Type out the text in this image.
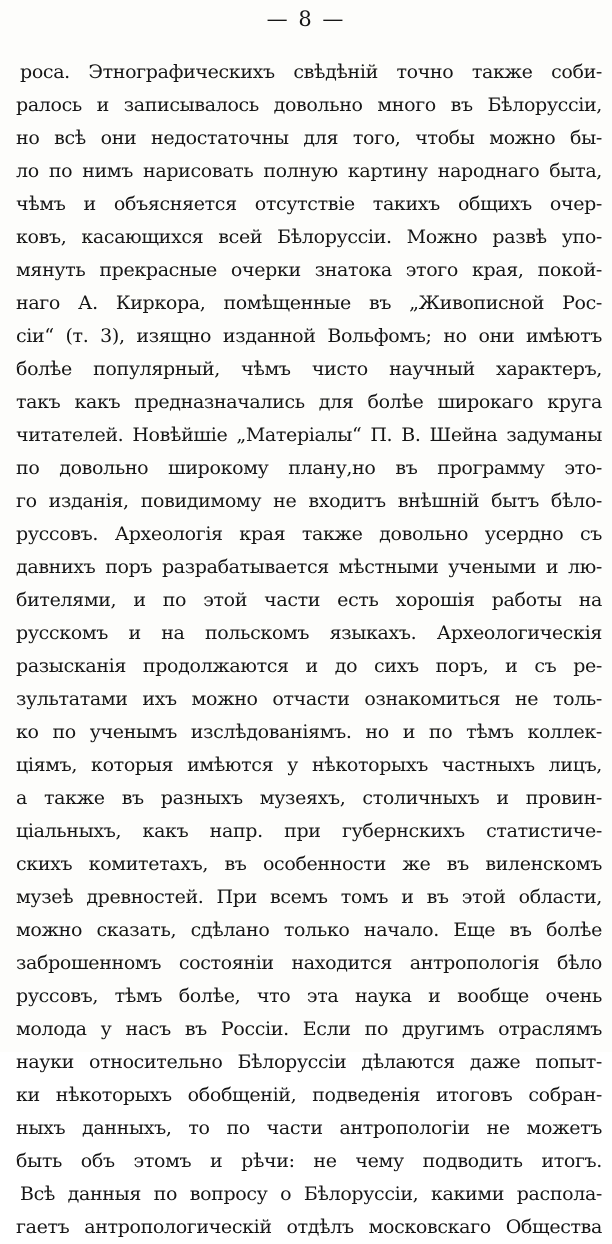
— 8 —
роса. Этнографическихъ свѣдѣнiй точно также соби-
ралось и записывалось довольно много въ Бѣлоруссiи,
но всѣ они недостаточны для того, чтобы можно бы-
ло по нимъ нарисовать полную картину народнаго быта,
чѣмъ и объясняется отсутствiе такихъ общихъ очер-
ковъ, касающихся всей Бѣлоруссiи. Можно развѣ упо-
мянуть прекрасные очерки знатока этого края, покой-
наго А. Киркора, помѣщенные въ „Живописной Рос-
сiи“ (т. 3), изящно изданной Вольфомъ; но они имѣютъ
болѣе популярный, чѣмъ чисто научный характеръ,
такъ какъ предназначались для болѣе широкаго круга
читателей. Новѣйшiе „Матерiалы“ П. В. Шейна задуманы
по довольно широкому плану,но въ программу это-
го изданiя, повидимому не входитъ внѣшнiй бытъ бѣло-
руссовъ. Археологiя края также довольно усердно съ
давнихъ поръ разрабатывается мѣстными учеными и лю-
бителями, и по этой части есть хорошiя работы на
русскомъ и на польскомъ языкахъ. Археологическiя
разысканiя продолжаются и до сихъ поръ, и съ ре-
зультатами ихъ можно отчасти ознакомиться не толь-
ко по ученымъ изслѣдованiямъ. но и по тѣмъ коллек-
цiямъ, которыя имѣются у нѣкоторыхъ частныхъ лицъ,
а также въ разныхъ музеяхъ, столичныхъ и провин-
цiальныхъ, какъ напр. при губернскихъ статистиче-
скихъ комитетахъ, въ особенности же въ виленскомъ
музеѣ древностей. При всемъ томъ и въ этой области,
можно сказать, сдѣлано только начало. Еще въ болѣе
заброшенномъ состоянiи находится антропологiя бѣло
руссовъ, тѣмъ болѣе, что эта наука и вообще очень
молода у насъ въ Россiи. Если по другимъ отраслямъ
науки относительно Бѣлоруссiи дѣлаются даже попыт-
ки нѣкоторыхъ обобщенiй, подведенiя итоговъ собран-
ныхъ данныхъ, то по части антропологiи не можетъ
быть объ этомъ и рѣчи: не чему подводить итогъ.
Всѣ данныя по вопросу о Бѣлоруссiи, какими распола-
гаетъ антропологическiй отдѣлъ московскаго Общества
